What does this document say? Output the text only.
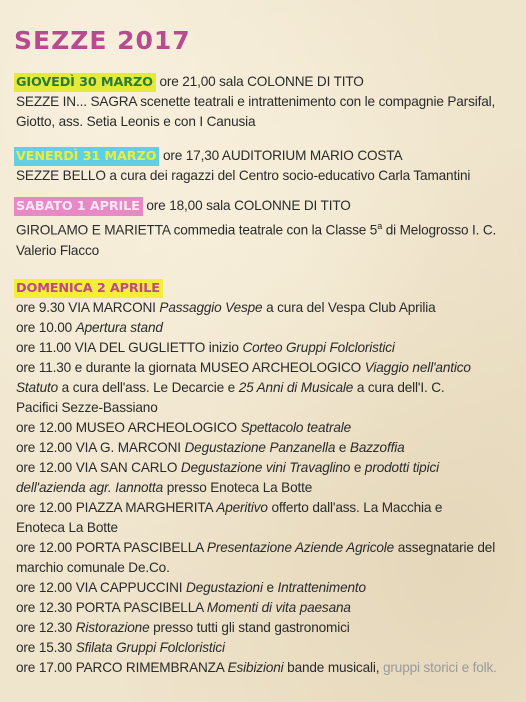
SEZZE 2017
GIOVEDÌ 30 MARZO ore 21,00 sala COLONNE DI TITO
SEZZE IN... SAGRA scenette teatrali e intrattenimento con le compagnie Parsifal,
Giotto, ass. Setia Leonis e con I Canusia
VENERDÌ 31 MARZO ore 17,30 AUDITORIUM MARIO COSTA
SEZZE BELLO a cura dei ragazzi del Centro socio-educativo Carla Tamantini
SABATO 1 APRILE ore 18,00 sala COLONNE DI TITO
GIROLAMO E MARIETTA commedia teatrale con la Classe 5$^a$ di Melogrosso I. C.
Valerio Flacco
DOMENICA 2 APRILE
ore 9.30 VIA MARCONI Passaggio Vespe a cura del Vespa Club Aprilia
ore 10.00 Apertura stand
ore 11.00 VIA DEL GUGLIETTO inizio Corteo Gruppi Folcloristici
ore 11.30 e durante la giornata MUSEO ARCHEOLOGICO Viaggio nell'antico
Statuto a cura dell'ass. Le Decarcie e 25 Anni di Musicale a cura dell'I. C.
Pacifici Sezze-Bassiano
ore 12.00 MUSEO ARCHEOLOGICO Spettacolo teatrale
ore 12.00 VIA G. MARCONI Degustazione Panzanella e Bazzoffia
ore 12.00 VIA SAN CARLO Degustazione vini Travaglino e prodotti tipici
dell'azienda agr. Iannotta presso Enoteca La Botte
ore 12.00 PIAZZA MARGHERITA Aperitivo offerto dall'ass. La Macchia e
Enoteca La Botte
ore 12.00 PORTA PASCIBELLA Presentazione Aziende Agricole assegnatarie del
marchio comunale De.Co.
ore 12.00 VIA CAPPUCCINI Degustazioni e Intrattenimento
ore 12.30 PORTA PASCIBELLA Momenti di vita paesana
ore 12.30 Ristorazione presso tutti gli stand gastronomici
ore 15.30 Sfilata Gruppi Folcloristici
ore 17.00 PARCO RIMEMBRANZA Esibizioni bande musicali, gruppi storici e folk.
